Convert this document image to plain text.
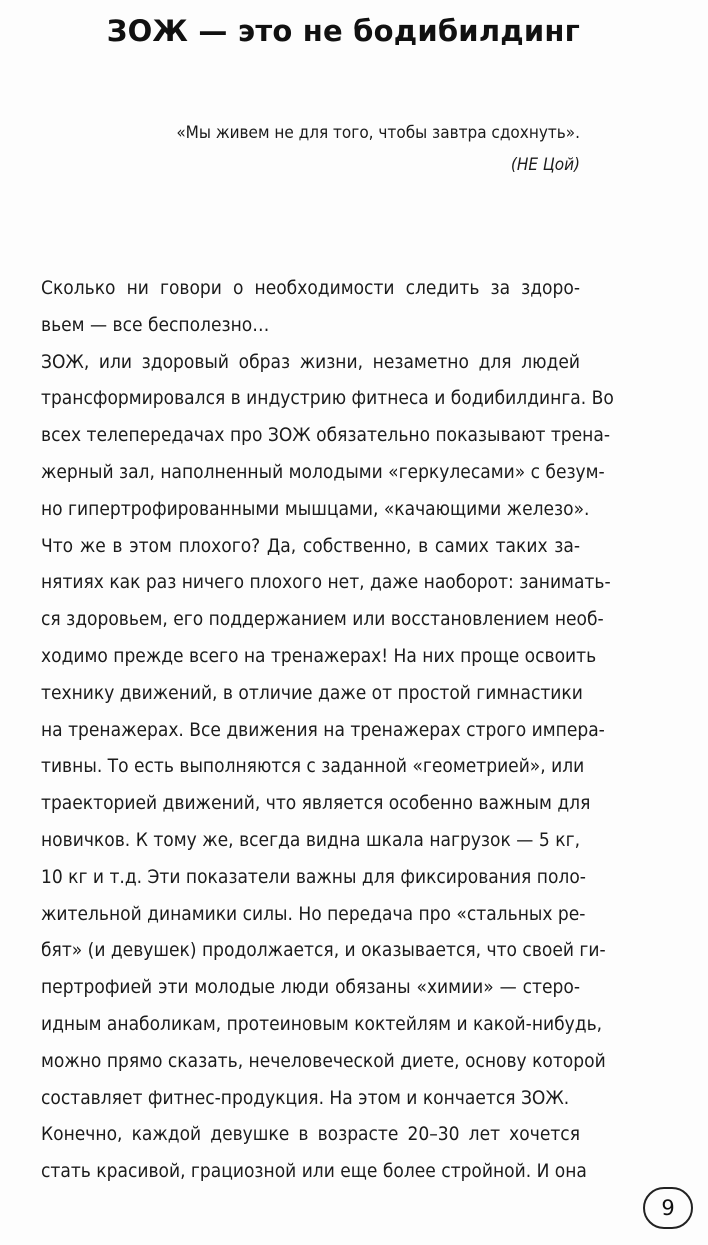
ЗОЖ — это не бодибилдинг
«Мы живем не для того, чтобы завтра сдохнуть».
(НЕ Цой)
Сколько ни говори о необходимости следить за здоро-
вьем — все бесполезно…
ЗОЖ, или здоровый образ жизни, незаметно для людей
трансформировался в индустрию фитнеса и бодибилдинга. Во
всех телепередачах про ЗОЖ обязательно показывают трена-
жерный зал, наполненный молодыми «геркулесами» с безум-
но гипертрофированными мышцами, «качающими железо».
Что же в этом плохого? Да, собственно, в самих таких за-
нятиях как раз ничего плохого нет, даже наоборот: занимать-
ся здоровьем, его поддержанием или восстановлением необ-
ходимо прежде всего на тренажерах! На них проще освоить
технику движений, в отличие даже от простой гимнастики
на тренажерах. Все движения на тренажерах строго импера-
тивны. То есть выполняются с заданной «геометрией», или
траекторией движений, что является особенно важным для
новичков. К тому же, всегда видна шкала нагрузок — 5 кг,
10 кг и т.д. Эти показатели важны для фиксирования поло-
жительной динамики силы. Но передача про «стальных ре-
бят» (и девушек) продолжается, и оказывается, что своей ги-
пертрофией эти молодые люди обязаны «химии» — стеро-
идным анаболикам, протеиновым коктейлям и какой-нибудь,
можно прямо сказать, нечеловеческой диете, основу которой
составляет фитнес-продукция. На этом и кончается ЗОЖ.
Конечно, каждой девушке в возрасте 20–30 лет хочется
стать красивой, грациозной или еще более стройной. И она
9
